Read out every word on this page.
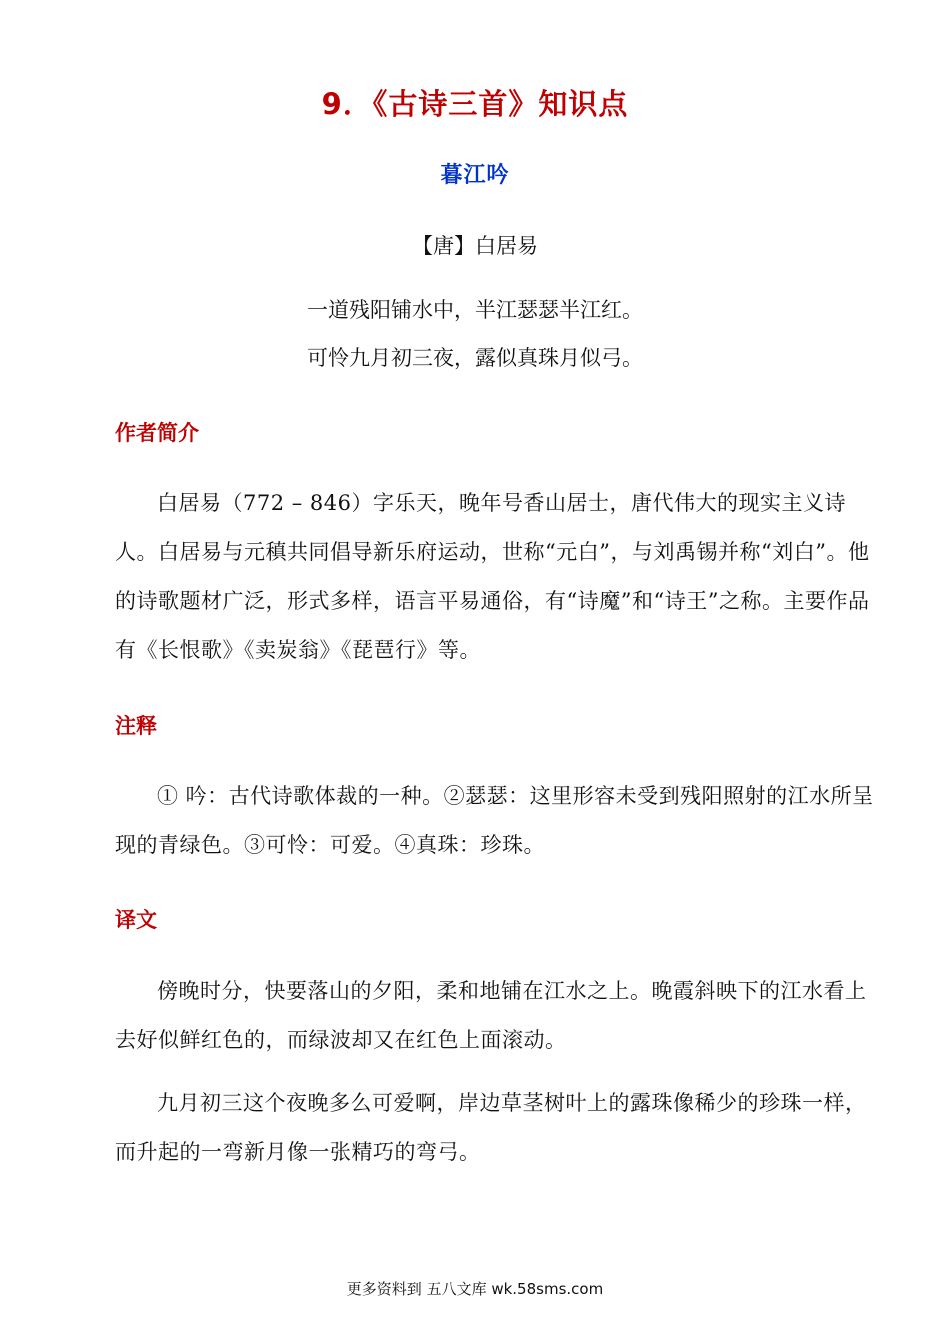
9．《古诗三首》知识点
暮江吟
【唐】白居易
一道残阳铺水中，半江瑟瑟半江红。
可怜九月初三夜，露似真珠月似弓。
作者简介
白居易（772 – 846）字乐天，晚年号香山居士，唐代伟大的现实主义诗人。白居易与元稹共同倡导新乐府运动，世称“元白”，与刘禹锡并称“刘白”。他的诗歌题材广泛，形式多样，语言平易通俗，有“诗魔”和“诗王”之称。主要作品有《长恨歌》《卖炭翁》《琵琶行》等。
注释
① 吟：古代诗歌体裁的一种。②瑟瑟：这里形容未受到残阳照射的江水所呈现的青绿色。③可怜：可爱。④真珠：珍珠。
译文
傍晚时分，快要落山的夕阳，柔和地铺在江水之上。晚霞斜映下的江水看上去好似鲜红色的，而绿波却又在红色上面滚动。
九月初三这个夜晚多么可爱啊，岸边草茎树叶上的露珠像稀少的珍珠一样，而升起的一弯新月像一张精巧的弯弓。
更多资料到 五八文库 wk.58sms.com
